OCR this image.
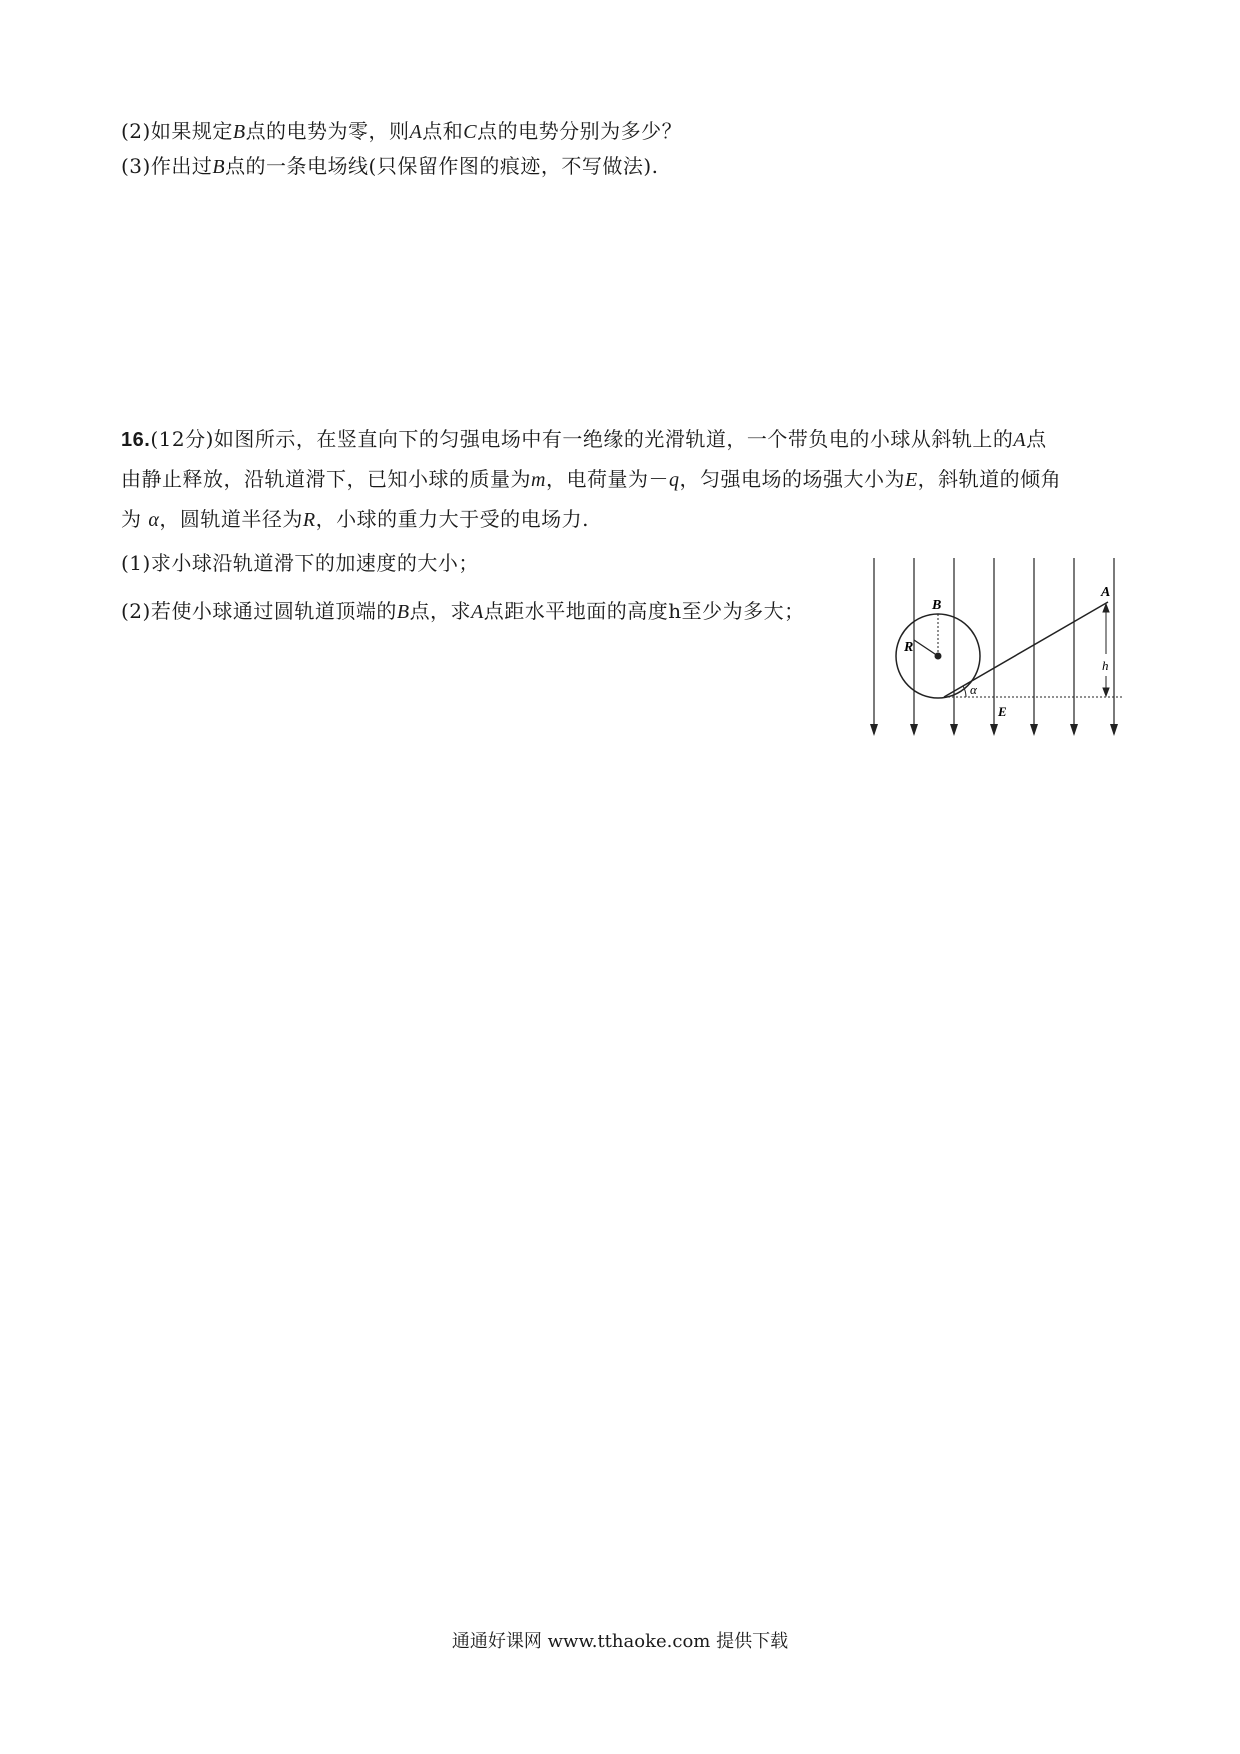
(2)如果规定B点的电势为零，则A点和C点的电势分别为多少？
(3)作出过B点的一条电场线(只保留作图的痕迹，不写做法).
16.(12分)如图所示，在竖直向下的匀强电场中有一绝缘的光滑轨道，一个带负电的小球从斜轨上的A点
由静止释放，沿轨道滑下，已知小球的质量为m，电荷量为－q，匀强电场的场强大小为E，斜轨道的倾角
为 α，圆轨道半径为R，小球的重力大于受的电场力.
(1)求小球沿轨道滑下的加速度的大小；
(2)若使小球通过圆轨道顶端的B点，求A点距水平地面的高度h至少为多大；	B
R
A
h
α
E
通通好课网 www.tthaoke.com 提供下载
